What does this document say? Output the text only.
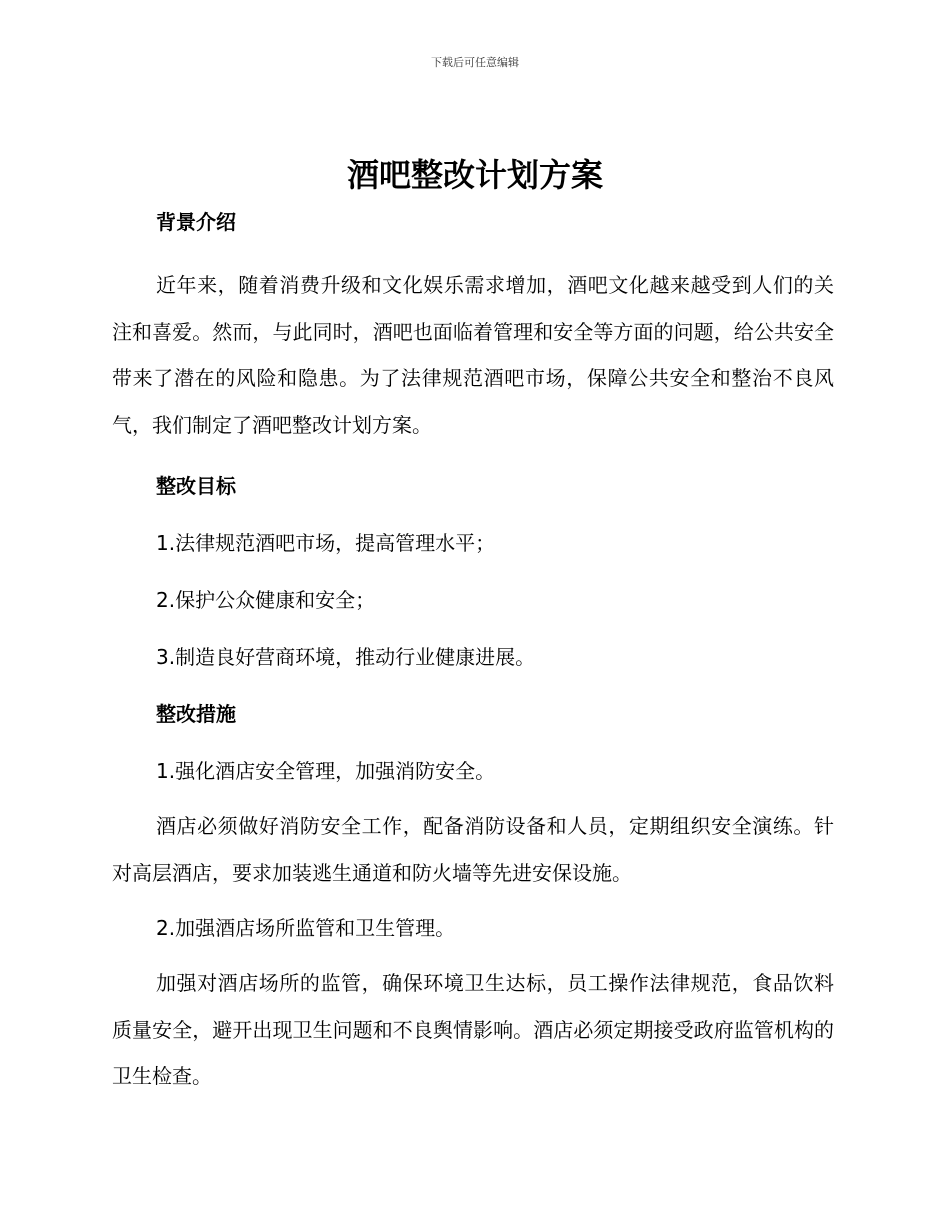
下载后可任意编辑
酒吧整改计划方案

背景介绍

近年来，随着消费升级和文化娱乐需求增加，酒吧文化越来越受到人们的关注和喜爱。然而，与此同时，酒吧也面临着管理和安全等方面的问题，给公共安全带来了潜在的风险和隐患。为了法律规范酒吧市场，保障公共安全和整治不良风气，我们制定了酒吧整改计划方案。

整改目标

1.法律规范酒吧市场，提高管理水平；

2.保护公众健康和安全；

3.制造良好营商环境，推动行业健康进展。

整改措施

1.强化酒店安全管理，加强消防安全。

酒店必须做好消防安全工作，配备消防设备和人员，定期组织安全演练。针对高层酒店，要求加装逃生通道和防火墙等先进安保设施。

2.加强酒店场所监管和卫生管理。

加强对酒店场所的监管，确保环境卫生达标，员工操作法律规范，食品饮料质量安全，避开出现卫生问题和不良舆情影响。酒店必须定期接受政府监管机构的卫生检查。
